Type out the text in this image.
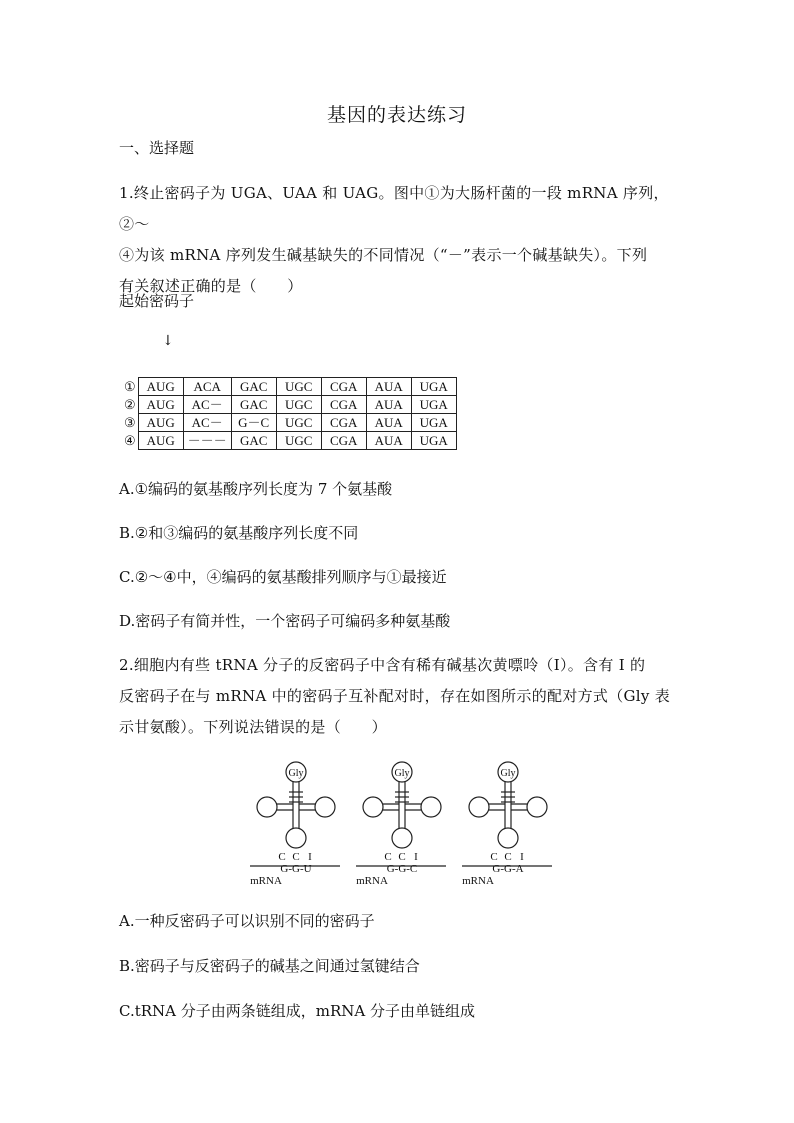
基因的表达练习
一、选择题
1.终止密码子为 UGA、UAA 和 UAG。图中①为大肠杆菌的一段 mRNA 序列，②～
④为该 mRNA 序列发生碱基缺失的不同情况（“－”表示一个碱基缺失）。下列
有关叙述正确的是（　　）
起始密码子
↓
①	AUG	ACA	GAC	UGC	CGA	AUA	UGA
②	AUG	AC－	GAC	UGC	CGA	AUA	UGA
③	AUG	AC－	G－C	UGC	CGA	AUA	UGA
④	AUG	－－－	GAC	UGC	CGA	AUA	UGA
A.①编码的氨基酸序列长度为 7 个氨基酸
B.②和③编码的氨基酸序列长度不同
C.②～④中，④编码的氨基酸排列顺序与①最接近
D.密码子有简并性，一个密码子可编码多种氨基酸
2.细胞内有些 tRNA 分子的反密码子中含有稀有碱基次黄嘌呤（I）。含有 I 的
反密码子在与 mRNA 中的密码子互补配对时，存在如图所示的配对方式（Gly 表
示甘氨酸）。下列说法错误的是（　　）
Gly
C C I
G-G-U
mRNA
Gly
C C I
G-G-C
mRNA
Gly
C C I
G-G-A
mRNA
A.一种反密码子可以识别不同的密码子
B.密码子与反密码子的碱基之间通过氢键结合
C.tRNA 分子由两条链组成，mRNA 分子由单链组成
